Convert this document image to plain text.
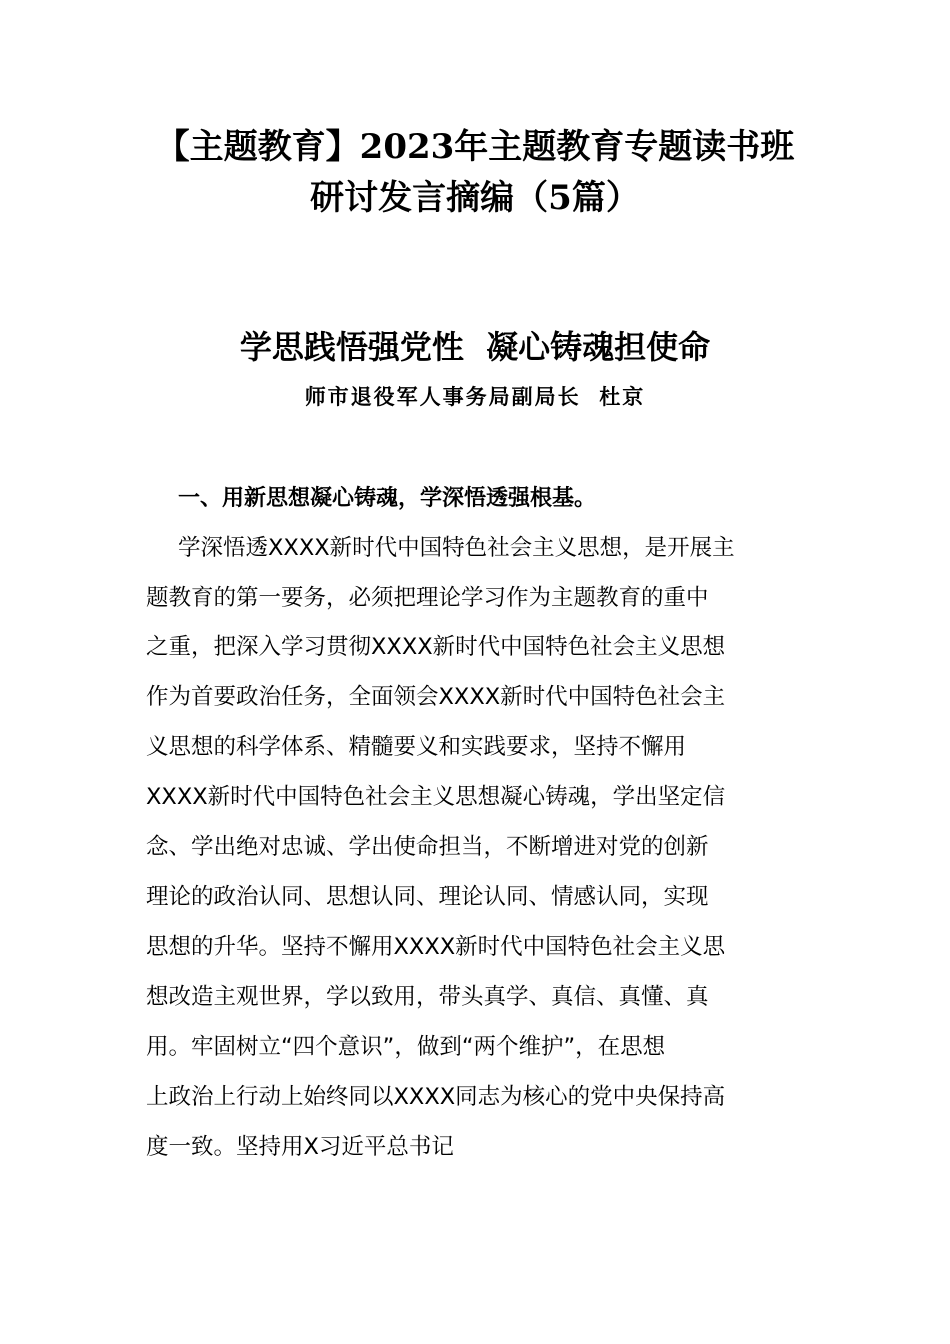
【主题教育】2023年主题教育专题读书班
研讨发言摘编（5篇）
学思践悟强党性  凝心铸魂担使命
师市退役军人事务局副局长  杜京
一、用新思想凝心铸魂，学深悟透强根基。
学深悟透XXXX新时代中国特色社会主义思想，是开展主
题教育的第一要务，必须把理论学习作为主题教育的重中
之重，把深入学习贯彻XXXX新时代中国特色社会主义思想
作为首要政治任务，全面领会XXXX新时代中国特色社会主
义思想的科学体系、精髓要义和实践要求，坚持不懈用
XXXX新时代中国特色社会主义思想凝心铸魂，学出坚定信
念、学出绝对忠诚、学出使命担当，不断增进对党的创新
理论的政治认同、思想认同、理论认同、情感认同，实现
思想的升华。坚持不懈用XXXX新时代中国特色社会主义思
想改造主观世界，学以致用，带头真学、真信、真懂、真
用。牢固树立“四个意识”，做到“两个维护”，在思想
上政治上行动上始终同以XXXX同志为核心的党中央保持高
度一致。坚持用X习近平总书记
